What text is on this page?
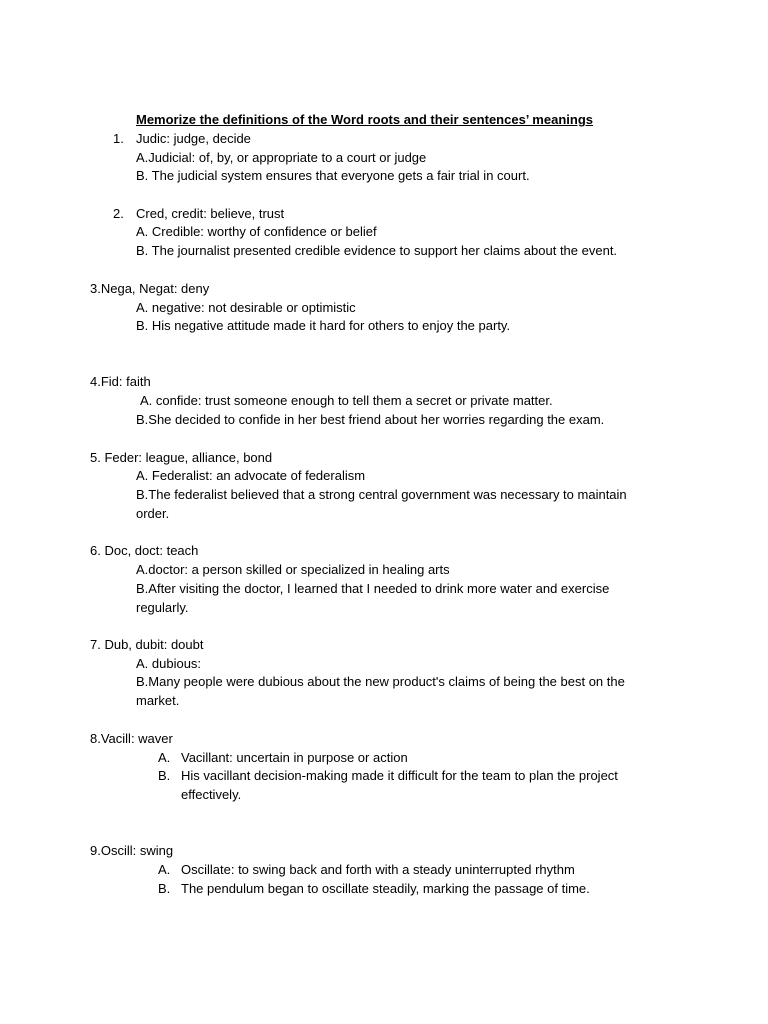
Memorize the definitions of the Word roots and their sentences’ meanings
1. Judic: judge, decide
A.Judicial: of, by, or appropriate to a court or judge
B. The judicial system ensures that everyone gets a fair trial in court.
2. Cred, credit: believe, trust
A. Credible: worthy of confidence or belief
B. The journalist presented credible evidence to support her claims about the event.
3.Nega, Negat: deny
A. negative: not desirable or optimistic
B. His negative attitude made it hard for others to enjoy the party.
4.Fid: faith
A. confide: trust someone enough to tell them a secret or private matter.
B.She decided to confide in her best friend about her worries regarding the exam.
5. Feder: league, alliance, bond
A. Federalist: an advocate of federalism
B.The federalist believed that a strong central government was necessary to maintain
order.
6. Doc, doct: teach
A.doctor: a person skilled or specialized in healing arts
B.After visiting the doctor, I learned that I needed to drink more water and exercise
regularly.
7. Dub, dubit: doubt
A. dubious:
B.Many people were dubious about the new product's claims of being the best on the
market.
8.Vacill: waver
A. Vacillant: uncertain in purpose or action
B. His vacillant decision-making made it difficult for the team to plan the project
effectively.
9.Oscill: swing
A. Oscillate: to swing back and forth with a steady uninterrupted rhythm
B. The pendulum began to oscillate steadily, marking the passage of time.
